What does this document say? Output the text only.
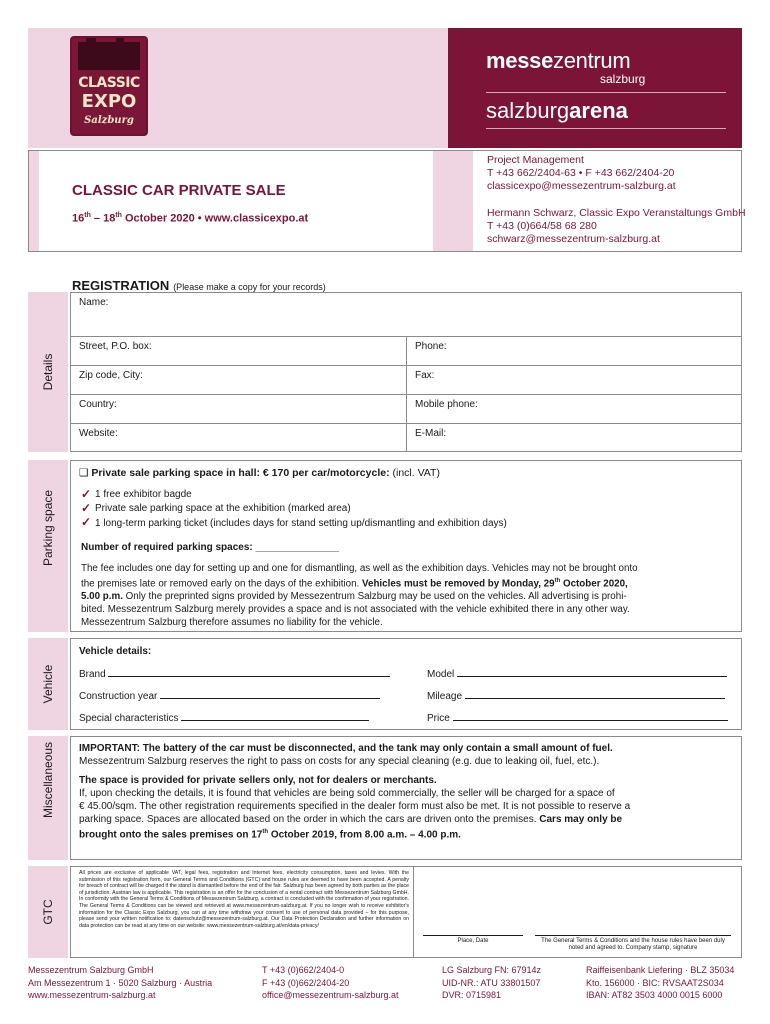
CLASSIC
EXPO
Salzburg
messezentrum
salzburg
salzburgarena
CLASSIC CAR PRIVATE SALE
16th – 18th October 2020 • www.classicexpo.at
Project Management
T +43 662/2404-63 • F +43 662/2404-20
classicexpo@messezentrum-salzburg.at
Hermann Schwarz, Classic Expo Veranstaltungs GmbH
T +43 (0)664/58 68 280
schwarz@messezentrum-salzburg.at
REGISTRATION (Please make a copy for your records)
Details
Name:
Street, P.O. box:	Phone:
Zip code, City:	Fax:
Country:	Mobile phone:
Website:	E-Mail:
Parking space
❑ Private sale parking space in hall: € 170 per car/motorcycle: (incl. VAT)
✓ 1 free exhibitor bagde
✓ Private sale parking space at the exhibition (marked area)
✓ 1 long-term parking ticket (includes days for stand setting up/dismantling and exhibition days)
Number of required parking spaces: _______________
The fee includes one day for setting up and one for dismantling, as well as the exhibition days. Vehicles may not be brought onto
the premises late or removed early on the days of the exhibition. Vehicles must be removed by Monday, 29th October 2020,
5.00 p.m. Only the preprinted signs provided by Messezentrum Salzburg may be used on the vehicles. All advertising is prohi-
bited. Messezentrum Salzburg merely provides a space and is not associated with the vehicle exhibited there in any other way.
Messezentrum Salzburg therefore assumes no liability for the vehicle.
Vehicle
Vehicle details:
Brand	Model
Construction year	Mileage
Special characteristics	Price
Miscellaneous IMPORTANT: The battery of the car must be disconnected, and the tank may only contain a small amount of fuel.
Messezentrum Salzburg reserves the right to pass on costs for any special cleaning (e.g. due to leaking oil, fuel, etc.).
The space is provided for private sellers only, not for dealers or merchants.
If, upon checking the details, it is found that vehicles are being sold commercially, the seller will be charged for a space of
€ 45.00/sqm. The other registration requirements specified in the dealer form must also be met. It is not possible to reserve a
parking space. Spaces are allocated based on the order in which the cars are driven onto the premises. Cars may only be
brought onto the sales premises on 17th October 2019, from 8.00 a.m. – 4.00 p.m.
GTC
Place, Date	The General Terms & Conditions and the house rules have been duly noted and agreed to. Company stamp, signature
All prices are exclusive of applicable VAT, legal fees, registration and Internet fees, electricity consumption, taxes and levies. With the submission of this registration form, our General Terms and Conditions (GTC) and house rules are deemed to have been accepted. A penalty for breach of contract will be charged if the stand is dismantled before the end of the fair. Salzburg has been agreed by both parties as the place of jurisdiction. Austrian law is applicable. This registration is an offer for the conclusion of a rental contract with Messezentrum Salzburg GmbH. In conformity with the General Terms & Conditions of Messezentrum Salzburg, a contract is concluded with the confirmation of your registration. The General Terms & Conditions can be viewed and retrieved at www.messezentrum-salzburg.at. If you no longer wish to receive exhibitor's information for the Classic Expo Salzburg, you can at any time withdraw your consent to use of personal data provided – for this purpose, please send your written notification to: datenschutz@messezentrum-salzburg.at. Our Data Protection Declaration and further information on data protection can be read at any time on our website: www.messezentrum-salzburg.at/en/data-privacy/
Messezentrum Salzburg GmbH
Am Messezentrum 1 · 5020 Salzburg · Austria
www.messezentrum-salzburg.at
T +43 (0)662/2404-0
F +43 (0)662/2404-20
office@messezentrum-salzburg.at
LG Salzburg FN: 67914z
UID-NR.: ATU 33801507
DVR: 0715981
Raiffeisenbank Liefering · BLZ 35034
Kto. 156000 · BIC: RVSAAT2S034
IBAN: AT82 3503 4000 0015 6000
